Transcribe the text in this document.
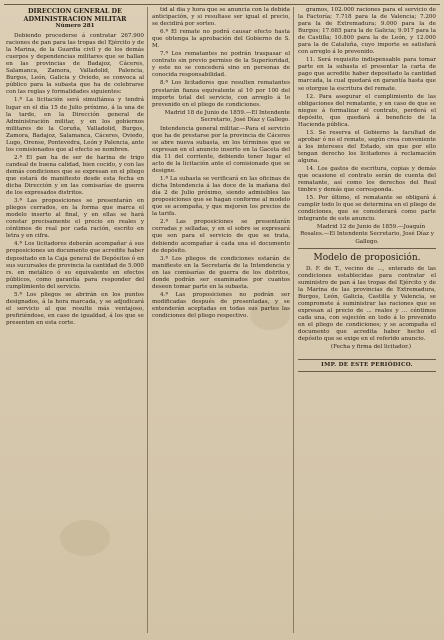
DIRECCION GENERAL DE ADMINISTRACION MILITAR
Número 281

Debiendo procederse á contratar 267.900 raciones de pan para las tropas del Ejército y de la Marina, de la Guardia civil y de los demás cuerpos y dependencias militares que se hallan en las provincias de Badajoz, Cáceres, Salamanca, Zamora, Valladolid, Palencia, Burgos, León, Galicia y Oviedo, se convoca al público para la subasta que ha de celebrarse con las reglas y formalidades siguientes:

1.ª La licitación será simultánea y tendrá lugar en el día 15 de Julio próximo, á la una de la tarde, en la Dirección general de Administración militar, y en los gobiernos militares de la Coruña, Valladolid, Burgos, Zamora, Badajoz, Salamanca, Cáceres, Oviedo, Lugo, Orense, Pontevedra, León y Palencia, ante los comisionados que al efecto se nombren.

2.ª El pan ha de ser de harina de trigo candeal de buena calidad, bien cocido, y con las demás condiciones que se expresan en el pliego que estará de manifiesto desde esta fecha en dicha Dirección y en las comisarías de guerra de los expresados distritos.

3.ª Las proposiciones se presentarán en pliegos cerrados, en la forma que marca el modelo inserto al final, y en ellas se hará constar precisamente el precio en reales y céntimos de real por cada ración, escrito en letra y en cifra.

4.ª Los licitadores deberán acompañar á sus proposiciones un documento que acredite haber depositado en la Caja general de Depósitos ó en sus sucursales de provincia la cantidad de 5.000 rs. en metálico ó su equivalente en efectos públicos, como garantía para responder del cumplimiento del servicio.

5.ª Los pliegos se abrirán en los puntos designados, á la hora marcada, y se adjudicará el servicio al que resulte más ventajoso, prefiriéndose, en caso de igualdad, á los que se presenten en esta corte.

tid al día y hora que se anuncia con la debida anticipación, y si resultase ser igual el precio, se decidirá por sorteo.

6.ª El remate no podrá causar efecto hasta que obtenga la aprobación del Gobierno de S. M.

7.ª Los rematantes no podrán traspasar el contrato sin previo permiso de la Superioridad, y este no se concederá sino en personas de conocida responsabilidad.

8.ª Los licitadores que resulten rematantes prestarán fianza equivalente al 10 por 100 del importe total del servicio, con arreglo á lo prevenido en el pliego de condiciones.

Madrid 18 de Junio de 1859.—El Intendente Secretario, José Díaz y Gallego.

Intendencia general militar.—Para el servicio que ha de prestarse por la provincia de Cáceres se abre nueva subasta, en los términos que se expresan en el anuncio inserto en la Gaceta del día 11 del corriente, debiendo tener lugar el acto de la licitación ante el comisionado que se designe.

1.ª La subasta se verificará en las oficinas de dicha Intendencia á las doce de la mañana del día 2 de Julio próximo, siendo admisibles las proposiciones que se hagan conforme al modelo que se acompaña, y que mejoren los precios de la tarifa.

2.ª Las proposiciones se presentarán cerradas y selladas, y en el sobre se expresará que son para el servicio de que se trata, debiendo acompañar á cada una el documento de depósito.

3.ª Los pliegos de condiciones estarán de manifiesto en la Secretaría de la Intendencia y en las comisarías de guerra de los distritos, donde podrán ser examinados por cuantos deseen tomar parte en la subasta.

4.ª Las proposiciones no podrán ser modificadas después de presentadas, y se entenderán aceptadas en todas sus partes las condiciones del pliego respectivo.

gramos, 102.000 raciones para el servicio de la Factoría; 7.718 para la de Valencia; 7.200 para la de Extremadura; 9.000 para la de Burgos; 17.685 para la de Galicia; 9.917 para la de Castilla; 10.800 para la de León, y 12.000 para la de Cataluña, cuyo importe se satisfará con arreglo á lo prevenido.

11. Será requisito indispensable para tomar parte en la subasta el presentar la carta de pago que acredite haber depositado la cantidad marcada, la cual quedará en garantía hasta que se otorgue la escritura del remate.

12. Para asegurar el cumplimiento de las obligaciones del rematante, y en caso de que se niegue á formalizar el contrato, perderá el depósito, que quedará á beneficio de la Hacienda pública.

13. Se reserva el Gobierno la facultad de aprobar ó no el remate, según crea conveniente á los intereses del Estado, sin que por ello tengan derecho los licitadores á reclamación alguna.

14. Los gastos de escritura, copias y demás que ocasione el contrato serán de cuenta del rematante, así como los derechos del Real timbre y demás que corresponda.

15. Por último, el rematante se obligará á cumplir todo lo que se determina en el pliego de condiciones, que se considerará como parte integrante de este anuncio.

Madrid 12 de Junio de 1859.—Joaquín Rosales.—El Intendente Secretario, José Díaz y Gallego.

Modelo de proposición.

D. F. de T., vecino de ..., enterado de las condiciones establecidas para contratar el suministro de pan á las tropas del Ejército y de la Marina de las provincias de Extremadura, Burgos, León, Galicia, Castilla y Valencia, se compromete á suministrar las raciones que se expresan al precio de ... reales y ... céntimos cada una, con sujeción en todo á lo prevenido en el pliego de condiciones; y se acompaña el documento que acredita haber hecho el depósito que se exige en el referido anuncio.

(Fecha y firma del licitador.)

IMP. DE ESTE PERIÓDICO.
